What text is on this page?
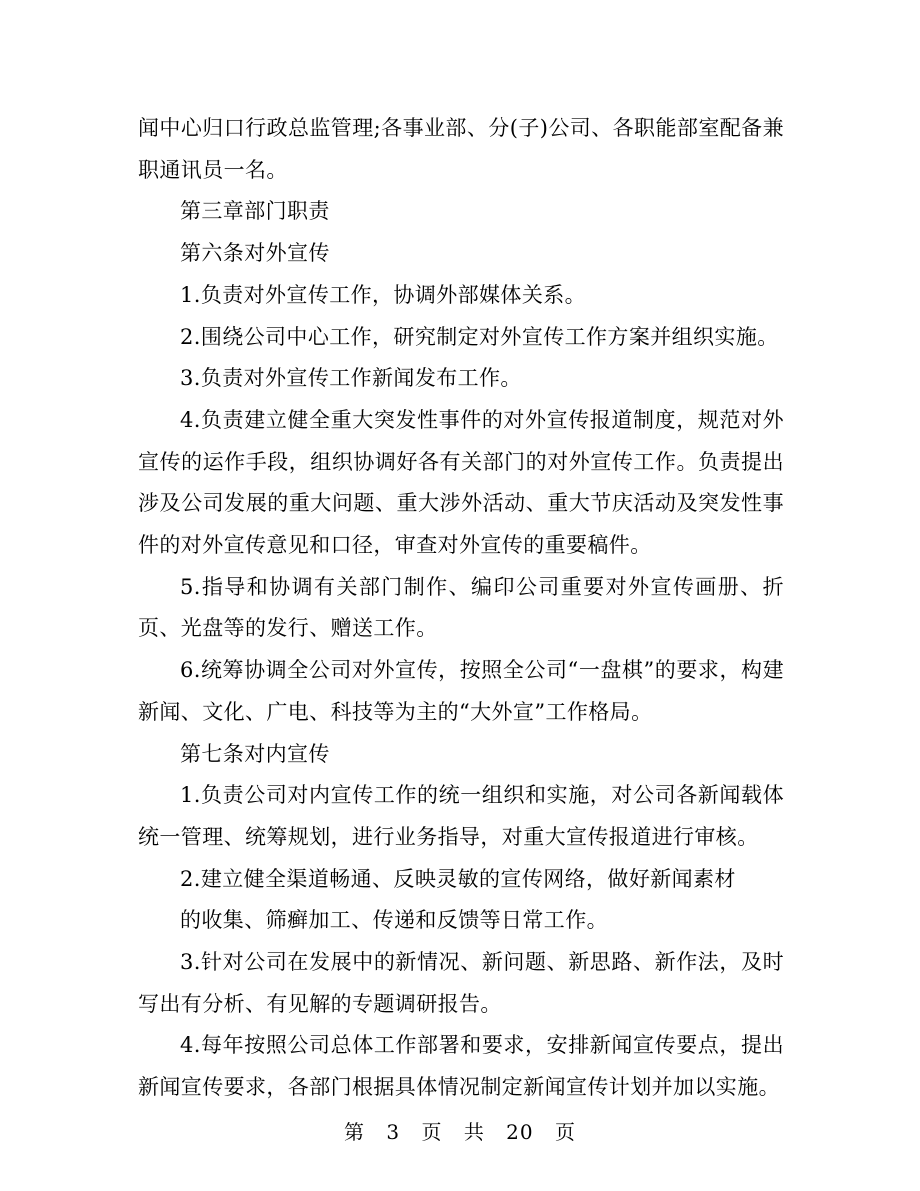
闻中心归口行政总监管理;各事业部、分(子)公司、各职能部室配备兼职通讯员一名。

第三章部门职责

第六条对外宣传

1.负责对外宣传工作，协调外部媒体关系。

2.围绕公司中心工作，研究制定对外宣传工作方案并组织实施。

3.负责对外宣传工作新闻发布工作。

4.负责建立健全重大突发性事件的对外宣传报道制度，规范对外宣传的运作手段，组织协调好各有关部门的对外宣传工作。负责提出涉及公司发展的重大问题、重大涉外活动、重大节庆活动及突发性事件的对外宣传意见和口径，审查对外宣传的重要稿件。

5.指导和协调有关部门制作、编印公司重要对外宣传画册、折页、光盘等的发行、赠送工作。

6.统筹协调全公司对外宣传，按照全公司“一盘棋”的要求，构建新闻、文化、广电、科技等为主的“大外宣”工作格局。

第七条对内宣传

1.负责公司对内宣传工作的统一组织和实施，对公司各新闻载体统一管理、统筹规划，进行业务指导，对重大宣传报道进行审核。

2.建立健全渠道畅通、反映灵敏的宣传网络，做好新闻素材

的收集、筛癣加工、传递和反馈等日常工作。

3.针对公司在发展中的新情况、新问题、新思路、新作法，及时写出有分析、有见解的专题调研报告。

4.每年按照公司总体工作部署和要求，安排新闻宣传要点，提出新闻宣传要求，各部门根据具体情况制定新闻宣传计划并加以实施。

第 3 页 共 20 页
